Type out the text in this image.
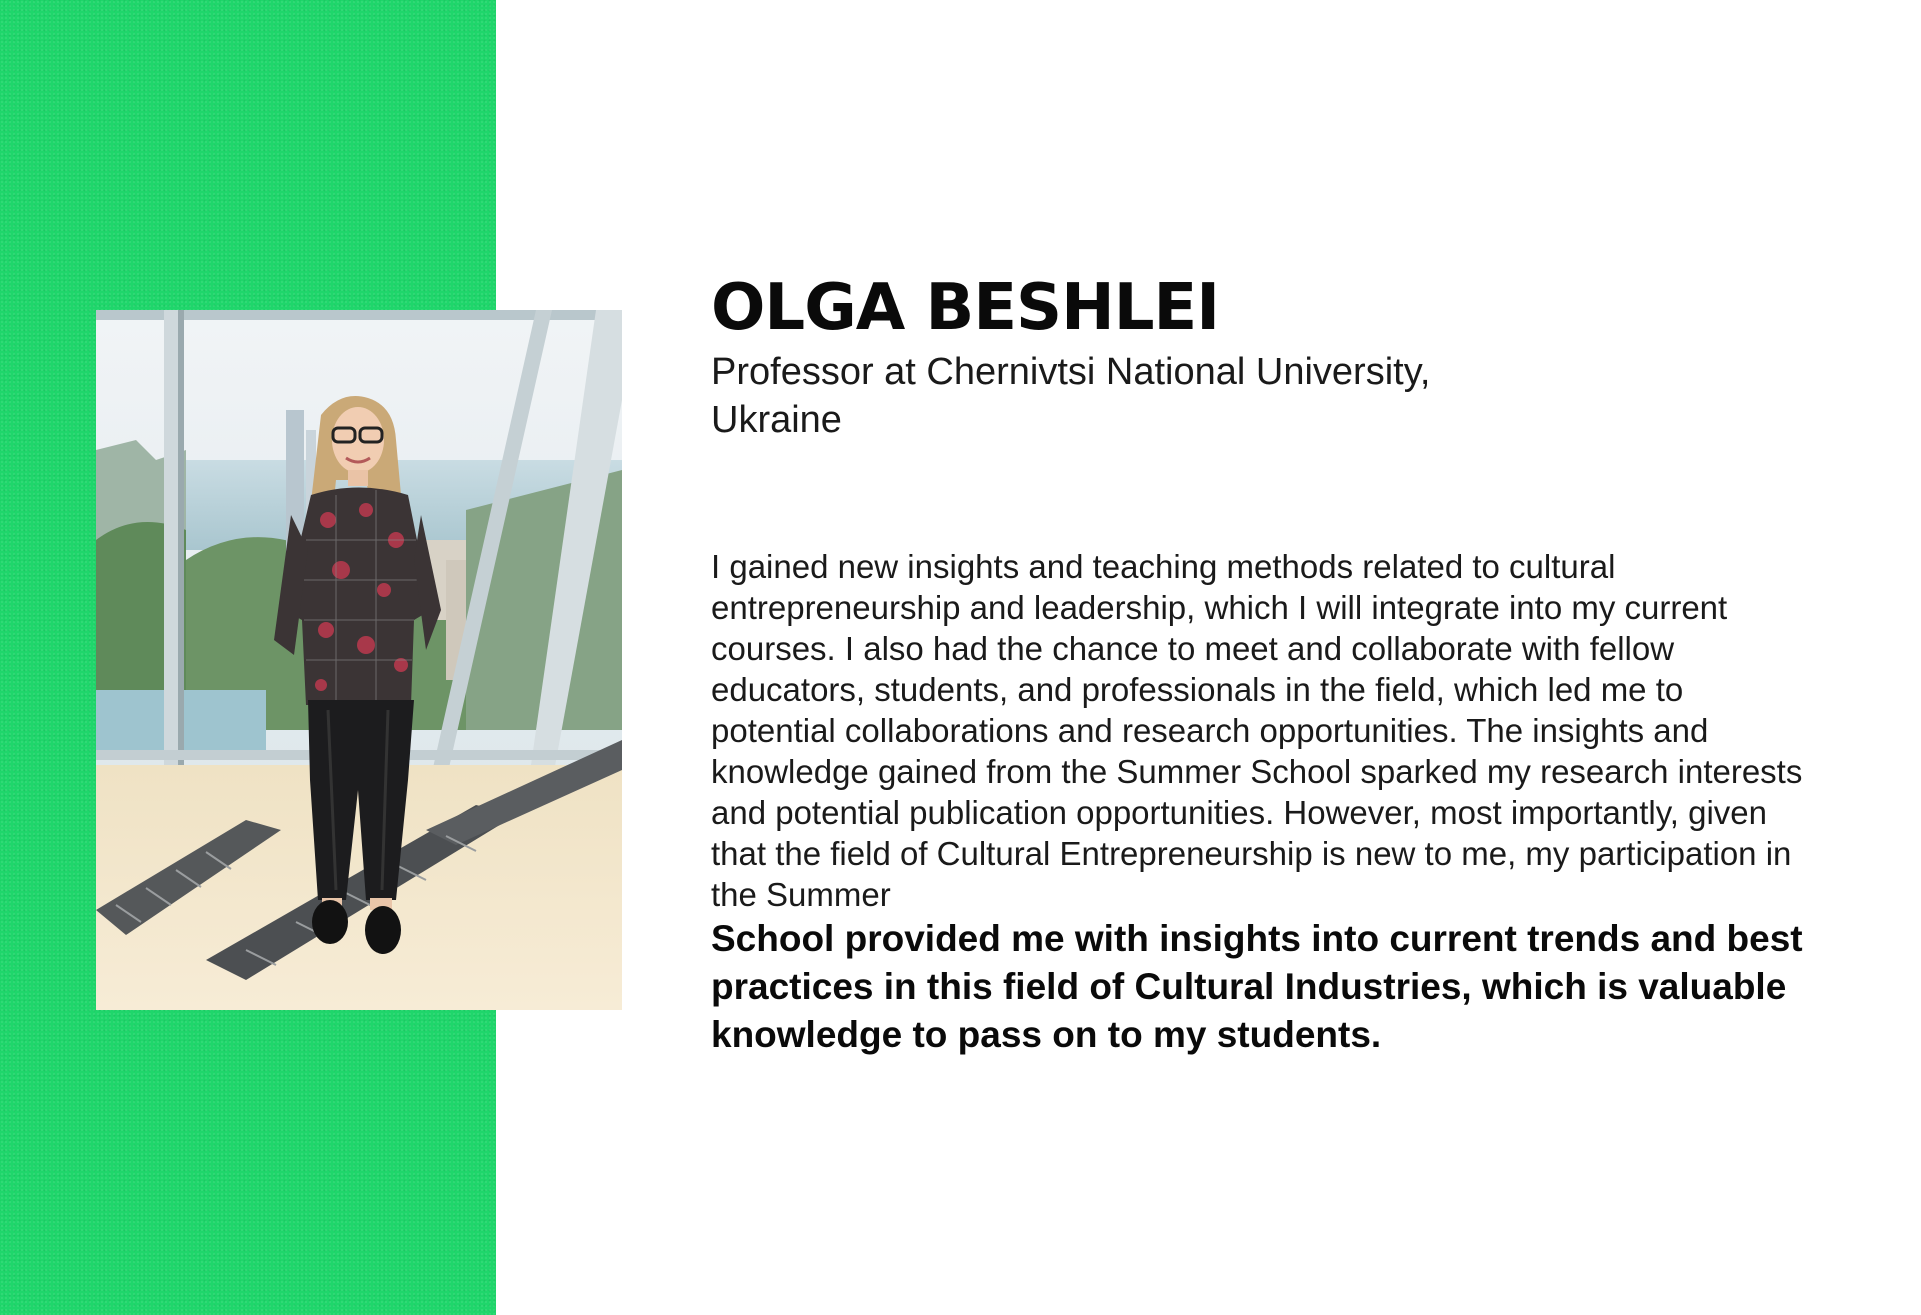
OLGA BESHLEI

Professor at Chernivtsi National University, Ukraine

I gained new insights and teaching methods related to cultural entrepreneurship and leadership, which I will integrate into my current courses. I also had the chance to meet and collaborate with fellow educators, students, and professionals in the field, which led me to potential collaborations and research opportunities. The insights and knowledge gained from the Summer School sparked my research interests and potential publication opportunities. However, most importantly, given that the field of Cultural Entrepreneurship is new to me, my participation in the Summer
School provided me with insights into current trends and best practices in this field of Cultural Industries, which is valuable knowledge to pass on to my students.
